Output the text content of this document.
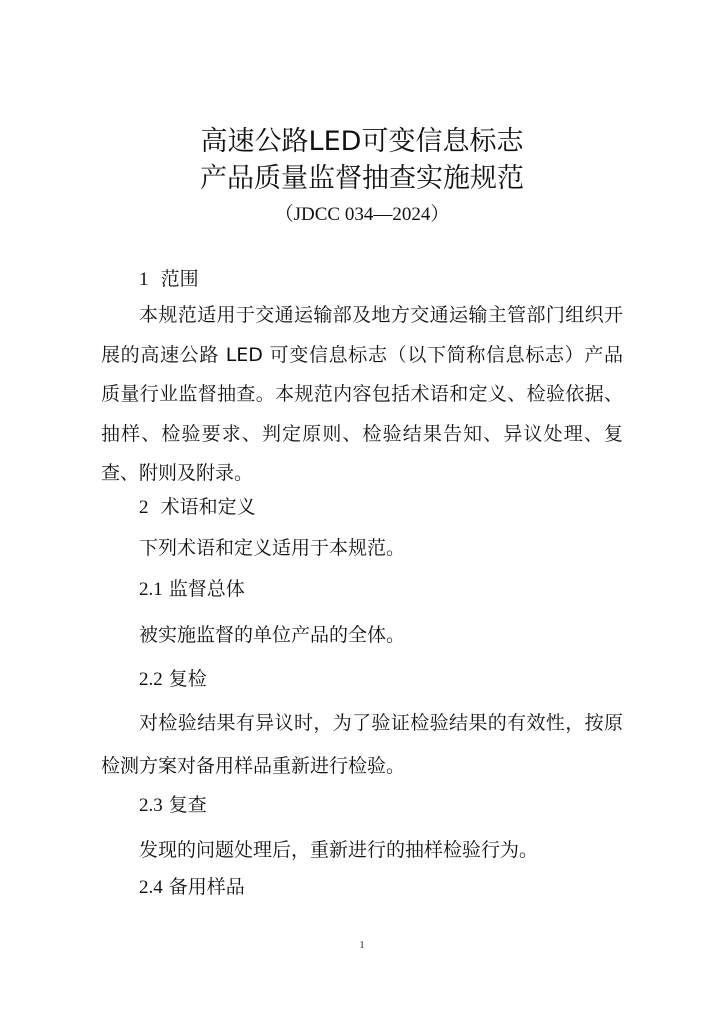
高速公路LED可变信息标志
产品质量监督抽查实施规范
（JDCC 034—2024）
1 范围
本规范适用于交通运输部及地方交通运输主管部门组织开展的高速公路 LED 可变信息标志（以下简称信息标志）产品质量行业监督抽查。本规范内容包括术语和定义、检验依据、抽样、检验要求、判定原则、检验结果告知、异议处理、复查、附则及附录。
2 术语和定义
下列术语和定义适用于本规范。
2.1 监督总体
被实施监督的单位产品的全体。
2.2 复检
对检验结果有异议时，为了验证检验结果的有效性，按原检测方案对备用样品重新进行检验。
2.3 复查
发现的问题处理后，重新进行的抽样检验行为。
2.4 备用样品
1
